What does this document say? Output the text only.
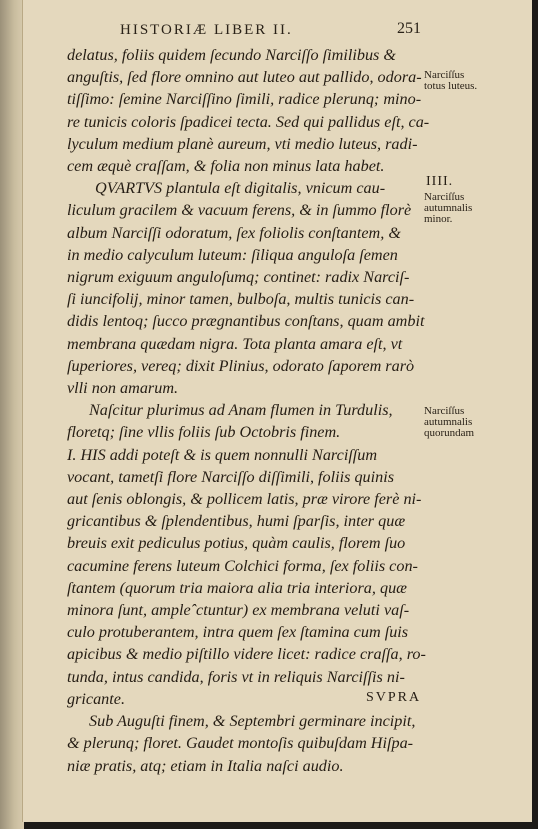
HISTORIÆ LIBER II.	251
delatus, foliis quidem ſecundo Narciſſo ſimilibus &
anguſtis, ſed flore omnino aut luteo aut pallido, odora-
tiſſimo: ſemine Narciſſino ſimili, radice plerunq; mino-
re tunicis coloris ſpadicei tecta. Sed qui pallidus eſt, ca-
lyculum medium planè aureum, vti medio luteus, radi-
cem æquè craſſam, & folia non minus lata habet.
QVARTVS plantula eſt digitalis, vnicum cau-
liculum gracilem & vacuum ferens, & in ſummo florè
album Narciſſi odoratum, ſex foliolis conſtantem, &
in medio calyculum luteum: ſiliqua anguloſa ſemen
nigrum exiguum anguloſumq; continet: radix Narciſ-
ſi iuncifolij, minor tamen, bulboſa, multis tunicis can-
didis lentoq; ſucco prægnantibus conſtans, quam ambit
membrana quædam nigra. Tota planta amara eſt, vt
ſuperiores, vereq; dixit Plinius, odorato ſaporem rarò
vlli non amarum.
Naſcitur plurimus ad Anam flumen in Turdulis,
floretq; ſine vllis foliis ſub Octobris finem.
I. HIS addi poteſt & is quem nonnulli Narciſſum
vocant, tametſi flore Narciſſo diſſimili, foliis quinis
aut ſenis oblongis, & pollicem latis, præ virore ferè ni-
gricantibus & ſplendentibus, humi ſparſis, inter quæ
breuis exit pediculus potius, quàm caulis, florem ſuo
cacumine ferens luteum Colchici forma, ſex foliis con-
ſtantem (quorum tria maiora alia tria interiora, quæ
minora ſunt, ampleˆctuntur) ex membrana veluti vaſ-
culo protuberantem, intra quem ſex ſtamina cum ſuis
apicibus & medio piſtillo videre licet: radice craſſa, ro-
tunda, intus candida, foris vt in reliquis Narciſſis ni-
gricante.
Sub Auguſti finem, & Septembri germinare incipit,
& plerunq; floret. Gaudet montoſis quibuſdam Hiſpa-
niæ pratis, atq; etiam in Italia naſci audio.
Narciſſus
totus luteus.
IIII.
Narciſſus
autumnalis
minor.
Narciſſus
autumnalis
quorundam
SVPRA
